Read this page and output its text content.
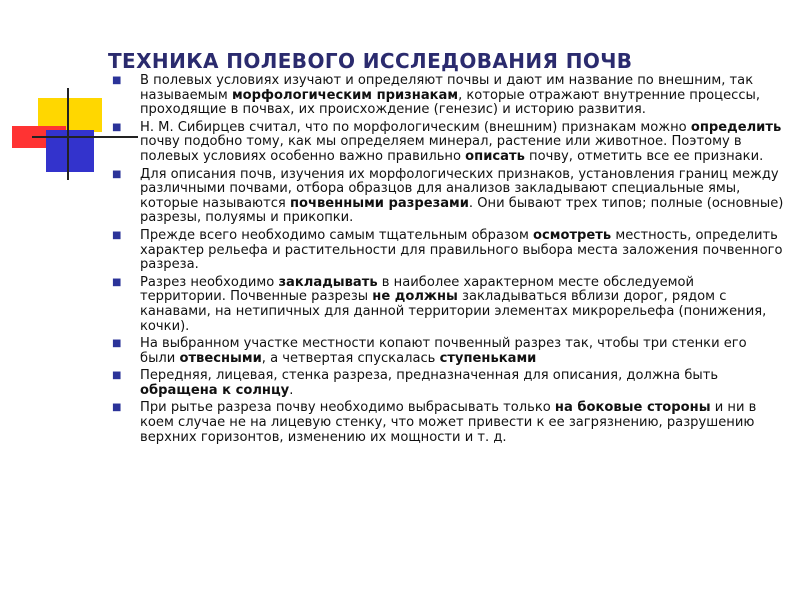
ТЕХНИКА ПОЛЕВОГО ИССЛЕДОВАНИЯ ПОЧВ
■ В полевых условиях изучают и определяют почвы и дают им название по внешним, так называемым морфологическим признакам, которые отражают внутренние процессы, проходящие в почвах, их происхождение (генезис) и историю развития.
■ Н. М. Сибирцев считал, что по морфологическим (внешним) признакам можно определить почву подобно тому, как мы определяем минерал, растение или животное. Поэтому в полевых условиях особенно важно правильно описать почву, отметить все ее признаки.
■ Для описания почв, изучения их морфологических признаков, установления границ между различными почвами, отбора образцов для анализов закладывают специальные ямы, которые называются почвенными разрезами. Они бывают трех типов; полные (основные) разрезы, полуямы и прикопки.
■ Прежде всего необходимо самым тщательным образом осмотреть местность, определить характер рельефа и растительности для правильного выбора места заложения почвенного разреза.
■ Разрез необходимо закладывать в наиболее характерном месте обследуемой территории. Почвенные разрезы не должны закладываться вблизи дорог, рядом с канавами, на нетипичных для данной территории элементах микрорельефа (понижения, кочки).
■ На выбранном участке местности копают почвенный разрез так, чтобы три стенки его были отвесными, а четвертая спускалась ступеньками
■ Передняя, лицевая, стенка разреза, предназначенная для описания, должна быть обращена к солнцу.
■ При рытье разреза почву необходимо выбрасывать только на боковые стороны и ни в коем случае не на лицевую стенку, что может привести к ее загрязнению, разрушению верхних горизонтов, изменению их мощности и т. д.
